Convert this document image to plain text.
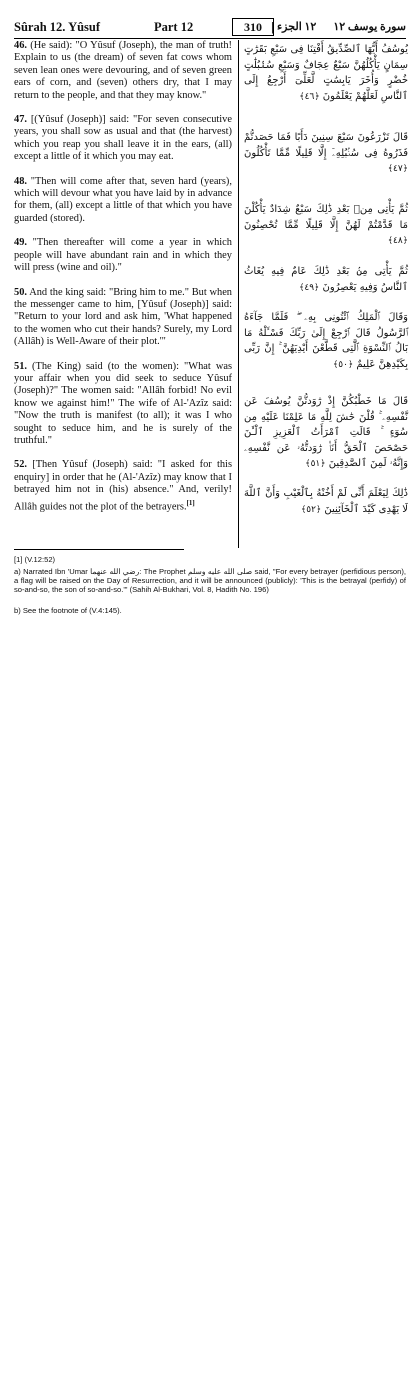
Sûrah 12. Yûsuf	Part 12	310 | ١٢ الجزء سورة يوسف ١٢

46. (He said): "O Yûsuf (Joseph), the man of truth! Explain to us (the dream) of seven fat cows whom seven lean ones were devouring, and of seven green ears of corn, and (seven) others dry, that I may return to the people, and that they may know."

47. [(Yûsuf (Joseph)] said: "For seven consecutive years, you shall sow as usual and that (the harvest) which you reap you shall leave it in the ears, (all) except a little of it which you may eat.

48. "Then will come after that, seven hard (years), which will devour what you have laid by in advance for them, (all) except a little of that which you have guarded (stored).

49. "Then thereafter will come a year in which people will have abundant rain and in which they will press (wine and oil)."

50. And the king said: "Bring him to me." But when the messenger came to him, [Yûsuf (Joseph)] said: "Return to your lord and ask him, 'What happened to the women who cut their hands? Surely, my Lord (Allâh) is Well-Aware of their plot.'"

51. (The King) said (to the women): "What was your affair when you did seek to seduce Yûsuf (Joseph)?" The women said: "Allâh forbid! No evil know we against him!" The wife of Al-'Azîz said: "Now the truth is manifest (to all); it was I who sought to seduce him, and he is surely of the truthful."

52. [Then Yûsuf (Joseph) said: "I asked for this enquiry] in order that he (Al-'Azîz) may know that I betrayed him not in (his) absence." And, verily! Allâh guides not the plot of the betrayers.[1]

يُوسُفُ أَيُّهَا ٱلصِّدِّيقُ أَفْتِنَا فِى سَبْعِ بَقَرَٰتٍ سِمَانٍ يَأْكُلُهُنَّ سَبْعٌ عِجَافٌ وَسَبْعِ سُنۢبُلَٰتٍ خُضْرٍ وَأُخَرَ يَابِسَٰتٍ لَّعَلِّىٓ أَرْجِعُ إِلَى ٱلنَّاسِ لَعَلَّهُمْ يَعْلَمُونَ ﴿٤٦﴾

قَالَ تَزْرَعُونَ سَبْعَ سِنِينَ دَأَبًا فَمَا حَصَدتُّمْ فَذَرُوهُ فِى سُنۢبُلِهِۦٓ إِلَّا قَلِيلًا مِّمَّا تَأْكُلُونَ ﴿٤٧﴾

ثُمَّ يَأْتِى مِنۢ بَعْدِ ذَٰلِكَ سَبْعٌ شِدَادٌ يَأْكُلْنَ مَا قَدَّمْتُمْ لَهُنَّ إِلَّا قَلِيلًا مِّمَّا تُحْصِنُونَ ﴿٤٨﴾

ثُمَّ يَأْتِى مِنۢ بَعْدِ ذَٰلِكَ عَامٌ فِيهِ يُغَاثُ ٱلنَّاسُ وَفِيهِ يَعْصِرُونَ ﴿٤٩﴾

وَقَالَ ٱلْمَلِكُ ٱئْتُونِى بِهِۦ ۖ فَلَمَّا جَآءَهُ ٱلرَّسُولُ قَالَ ٱرْجِعْ إِلَىٰ رَبِّكَ فَسْـَٔلْهُ مَا بَالُ ٱلنِّسْوَةِ ٱلَّٰتِى قَطَّعْنَ أَيْدِيَهُنَّ ۚ إِنَّ رَبِّى بِكَيْدِهِنَّ عَلِيمٌ ﴿٥٠﴾

قَالَ مَا خَطْبُكُنَّ إِذْ رَٰوَدتُّنَّ يُوسُفَ عَن نَّفْسِهِۦ ۚ قُلْنَ حَٰشَ لِلَّهِ مَا عَلِمْنَا عَلَيْهِ مِن سُوٓءٍ ۚ قَالَتِ ٱمْرَأَتُ ٱلْعَزِيزِ ٱلْـَٰٔنَ حَصْحَصَ ٱلْحَقُّ أَنَا۠ رَٰوَدتُّهُۥ عَن نَّفْسِهِۦ وَإِنَّهُۥ لَمِنَ ٱلصَّٰدِقِينَ ﴿٥١﴾

ذَٰلِكَ لِيَعْلَمَ أَنِّى لَمْ أَخُنْهُ بِٱلْغَيْبِ وَأَنَّ ٱللَّهَ لَا يَهْدِى كَيْدَ ٱلْخَآئِنِينَ ﴿٥٢﴾

[1] (V.12:52)

a) Narrated Ibn 'Umar رضي الله عنهما: The Prophet صلى الله عليه وسلم said, "For every betrayer (perfidious person), a flag will be raised on the Day of Resurrection, and it will be announced (publicly): 'This is the betrayal (perfidy) of so-and-so, the son of so-and-so.'" (Sahih Al-Bukhari, Vol. 8, Hadith No. 196)

b) See the footnote of (V.4:145).
